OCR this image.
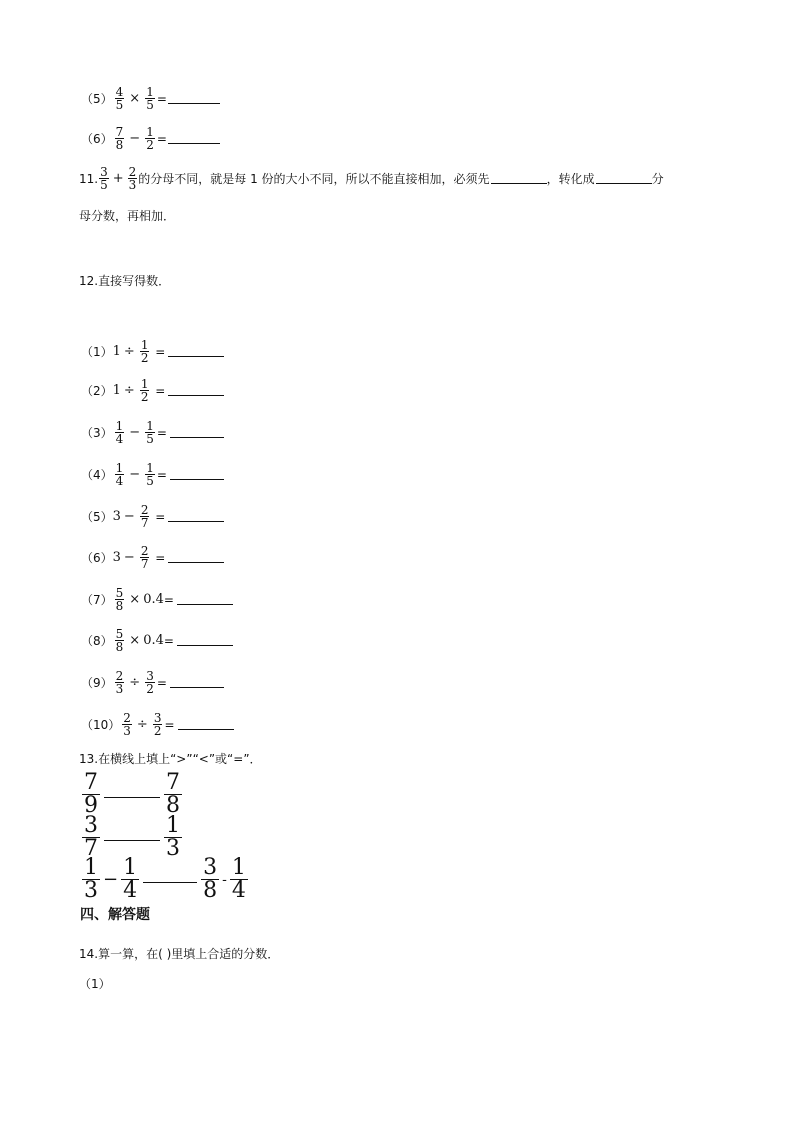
$(5) \frac{4}{5} \times \frac{1}{5}$ =
$(6) \frac{7}{8} - \frac{1}{2}$ =
11. $\frac{3}{5} + \frac{2}{3}$ 的分母不同，就是每 1 份的大小不同，所以不能直接相加，必须先	，转化成	分
母分数，再相加．
12.直接写得数．
（1） $1 \div \frac{1}{2}$ =
（2） $1 \div \frac{1}{2}$ =
$(3) \frac{1}{4} - \frac{1}{5}$ =
$(4) \frac{1}{4} - \frac{1}{5}$ =
（5） $3 - \frac{2}{7}$ =
（6） $3 - \frac{2}{7}$ =
$(7) \frac{5}{8} \times 0.4$ =
$(8) \frac{5}{8} \times 0.4$ =
$(9) \frac{2}{3} \div \frac{3}{2}$ =
$(10) \frac{2}{3} \div \frac{3}{2}$ =
13.在横线上填上“>”“<”或“=”．
7
9
7
8
3
7
1
3
1
$3 - \frac{1}{4}$	3
8 - 1
4
四、解答题
14.算一算，在( )里填上合适的分数．
（1）
